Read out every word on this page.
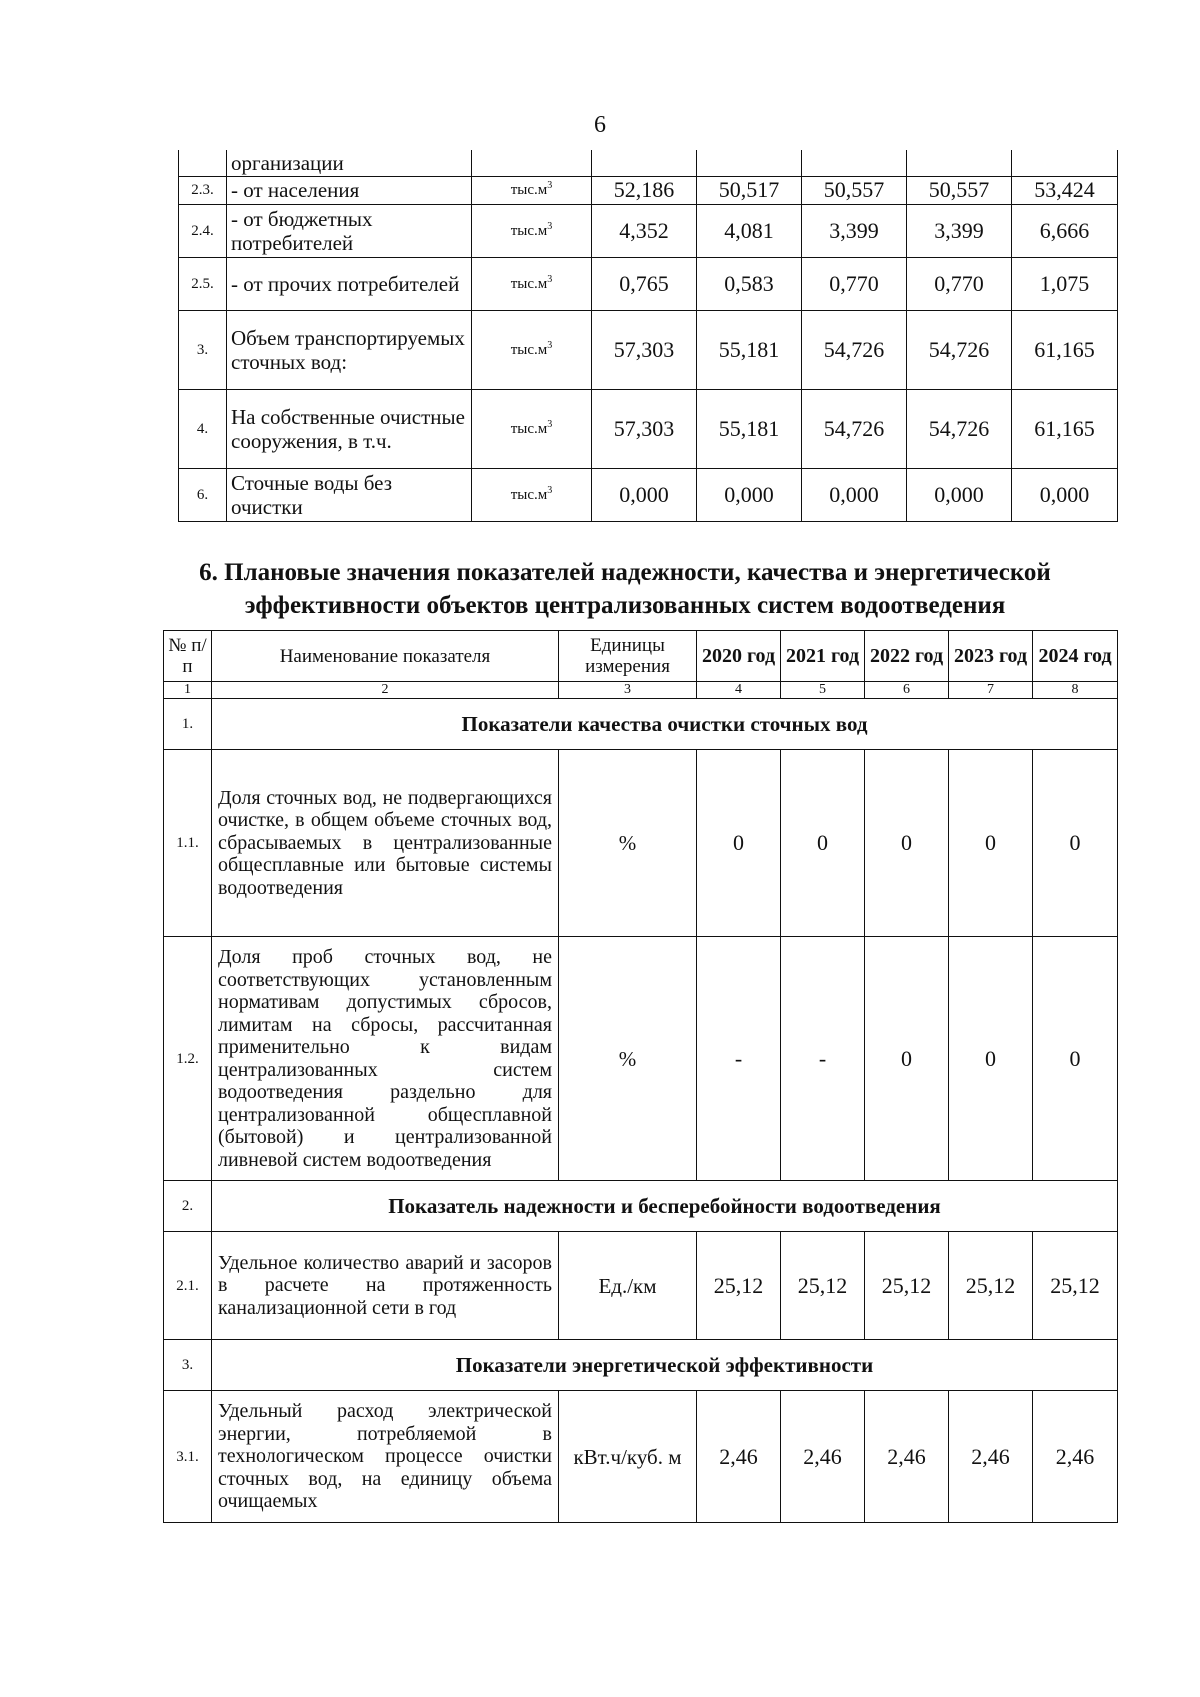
6
	организации						
2.3.	- от населения	$тыс.м^3$	52,186	50,517	50,557	50,557	53,424
2.4.	- от бюджетных потребителей	$тыс.м^3$	4,352	4,081	3,399	3,399	6,666
2.5.	- от прочих потребителей	$тыс.м^3$	0,765	0,583	0,770	0,770	1,075
3.	Объем транспортируемых сточных вод:	$тыс.м^3$	57,303	55,181	54,726	54,726	61,165
4.	На собственные очистные сооружения, в т.ч.	$тыс.м^3$	57,303	55,181	54,726	54,726	61,165
6.	Сточные воды без очистки	$тыс.м^3$	0,000	0,000	0,000	0,000	0,000
6. Плановые значения показателей надежности, качества и энергетической эффективности объектов централизованных систем водоотведения
№ п/п	Наименование показателя	Единицы измерения	2020 год	2021 год	2022 год	2023 год	2024 год
1	2	3	4	5	6	7	8
1.	Показатели качества очистки сточных вод						
1.1.	Доля сточных вод, не подвергающихся очистке, в общем объеме сточных вод, сбрасываемых в централизованные общесплавные или бытовые системы водоотведения	%	0	0	0	0	0
1.2.	Доля проб сточных вод, не соответствующих установленным нормативам допустимых сбросов, лимитам на сбросы, рассчитанная применительно к видам централизованных систем водоотведения раздельно для централизованной общесплавной (бытовой) и централизованной ливневой систем водоотведения	%	-	-	0	0	0
2.	Показатель надежности и бесперебойности водоотведения						
2.1.	Удельное количество аварий и засоров в расчете на протяженность канализационной сети в год	Ед./км	25,12	25,12	25,12	25,12	25,12
3.	Показатели энергетической эффективности						
3.1.	Удельный расход электрической энергии, потребляемой в технологическом процессе очистки сточных вод, на единицу объема очищаемых	кВт.ч/куб. м	2,46	2,46	2,46	2,46	2,46
